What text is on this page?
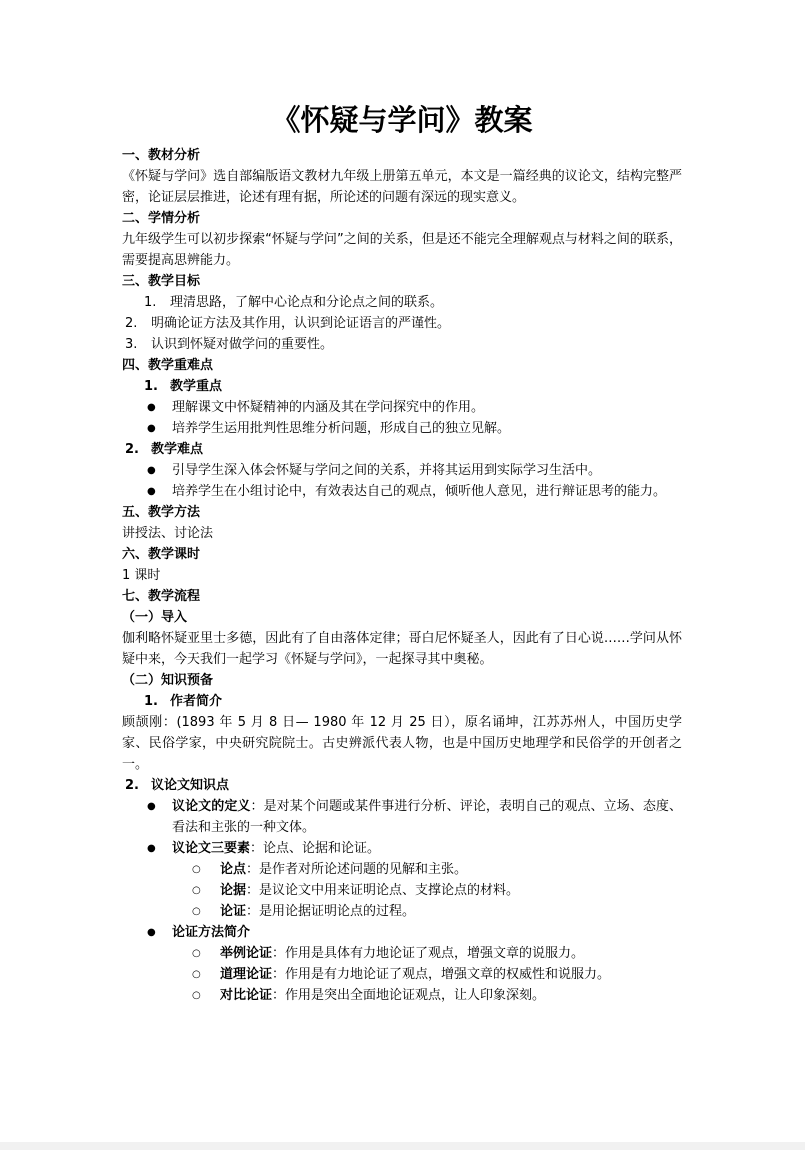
《怀疑与学问》教案
一、教材分析
《怀疑与学问》选自部编版语文教材九年级上册第五单元，本文是一篇经典的议论文，结构完整严密，论证层层推进，论述有理有据，所论述的问题有深远的现实意义。
二、学情分析
九年级学生可以初步探索“怀疑与学问”之间的关系，但是还不能完全理解观点与材料之间的联系，需要提高思辨能力。
三、教学目标
1.	理清思路，了解中心论点和分论点之间的联系。
2.	明确论证方法及其作用，认识到论证语言的严谨性。
3.	认识到怀疑对做学问的重要性。
四、教学重难点
1. 教学重点
●	理解课文中怀疑精神的内涵及其在学问探究中的作用。
●	培养学生运用批判性思维分析问题，形成自己的独立见解。
2. 教学难点
●	引导学生深入体会怀疑与学问之间的关系，并将其运用到实际学习生活中。
●	培养学生在小组讨论中，有效表达自己的观点，倾听他人意见，进行辩证思考的能力。
五、教学方法
讲授法、讨论法
六、教学课时
1 课时
七、教学流程
（一）导入
伽利略怀疑亚里士多德，因此有了自由落体定律；哥白尼怀疑圣人，因此有了日心说……学问从怀疑中来，今天我们一起学习《怀疑与学问》，一起探寻其中奥秘。
（二）知识预备
1. 作者简介
顾颉刚：(1893 年 5 月 8 日— 1980 年 12 月 25 日），原名诵坤，江苏苏州人，中国历史学家、民俗学家，中央研究院院士。古史辨派代表人物，也是中国历史地理学和民俗学的开创者之一。
2. 议论文知识点
●	议论文的定义：是对某个问题或某件事进行分析、评论，表明自己的观点、立场、态度、看法和主张的一种文体。
●	议论文三要素：论点、论据和论证。
○	论点：是作者对所论述问题的见解和主张。
○	论据：是议论文中用来证明论点、支撑论点的材料。
○	论证：是用论据证明论点的过程。
●	论证方法简介
○	举例论证：作用是具体有力地论证了观点，增强文章的说服力。
○	道理论证：作用是有力地论证了观点，增强文章的权威性和说服力。
○	对比论证：作用是突出全面地论证观点，让人印象深刻。
